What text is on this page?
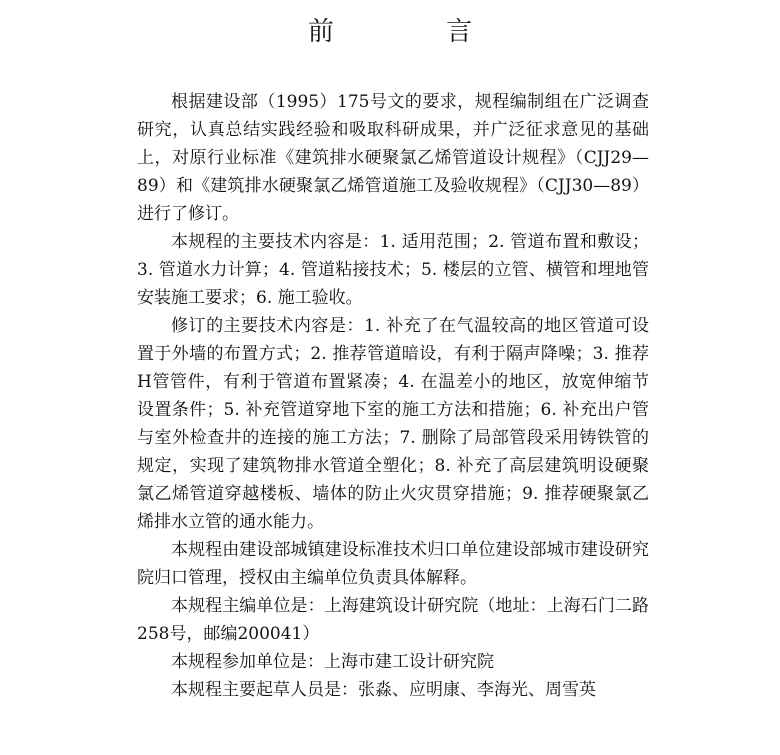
前 言

根据建设部（1995）175号文的要求，规程编制组在广泛调查研究，认真总结实践经验和吸取科研成果，并广泛征求意见的基础上，对原行业标准《建筑排水硬聚氯乙烯管道设计规程》（CJJ29—89）和《建筑排水硬聚氯乙烯管道施工及验收规程》（CJJ30—89）进行了修订。

本规程的主要技术内容是：1. 适用范围；2. 管道布置和敷设；3. 管道水力计算；4. 管道粘接技术；5. 楼层的立管、横管和埋地管安装施工要求；6. 施工验收。

修订的主要技术内容是：1. 补充了在气温较高的地区管道可设置于外墙的布置方式；2. 推荐管道暗设，有利于隔声降噪；3. 推荐H管管件，有利于管道布置紧凑；4. 在温差小的地区，放宽伸缩节设置条件；5. 补充管道穿地下室的施工方法和措施；6. 补充出户管与室外检查井的连接的施工方法；7. 删除了局部管段采用铸铁管的规定，实现了建筑物排水管道全塑化；8. 补充了高层建筑明设硬聚氯乙烯管道穿越楼板、墙体的防止火灾贯穿措施；9. 推荐硬聚氯乙烯排水立管的通水能力。

本规程由建设部城镇建设标准技术归口单位建设部城市建设研究院归口管理，授权由主编单位负责具体解释。

本规程主编单位是：上海建筑设计研究院（地址：上海石门二路258号，邮编200041）

本规程参加单位是：上海市建工设计研究院

本规程主要起草人员是：张淼、应明康、李海光、周雪英
